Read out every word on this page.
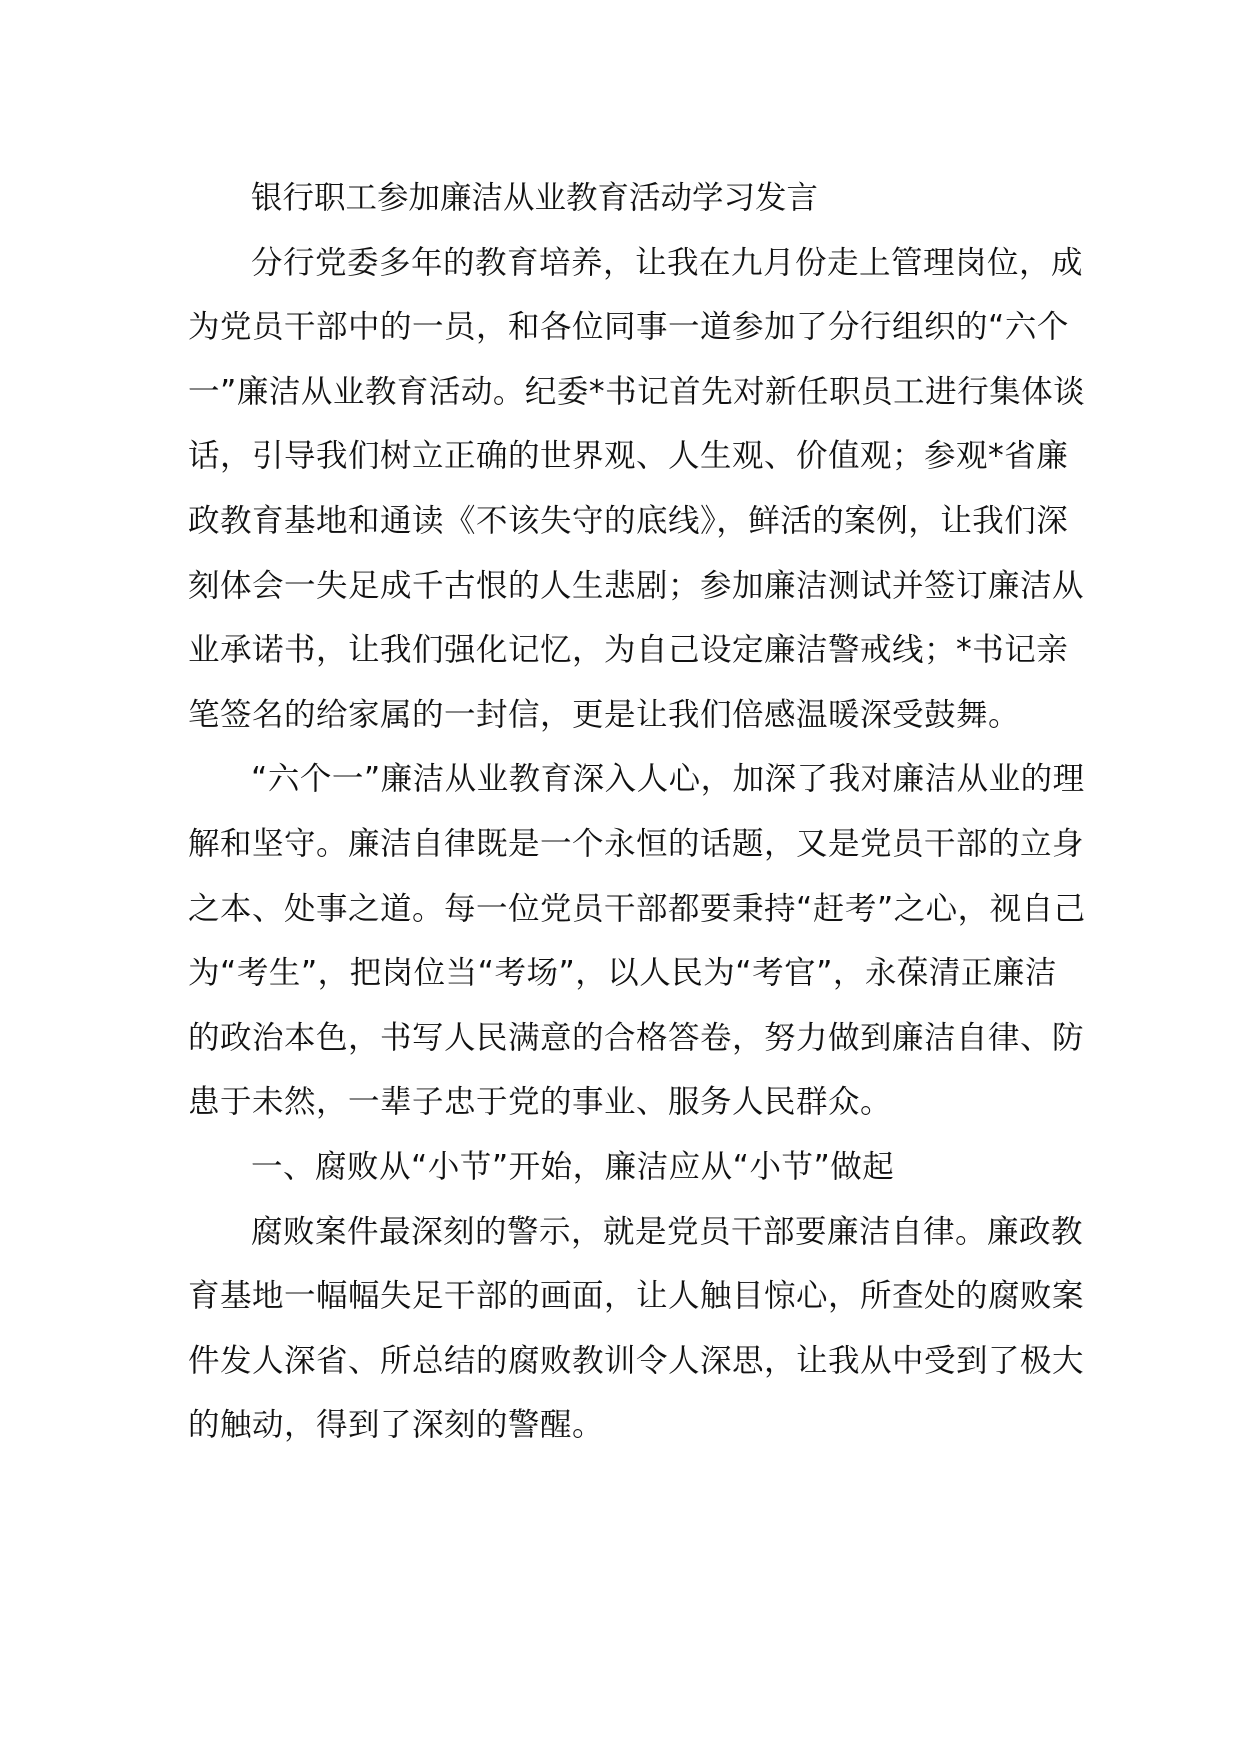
银行职工参加廉洁从业教育活动学习发言

分行党委多年的教育培养，让我在九月份走上管理岗位，成为党员干部中的一员，和各位同事一道参加了分行组织的“六个一”廉洁从业教育活动。纪委*书记首先对新任职员工进行集体谈话，引导我们树立正确的世界观、人生观、价值观；参观*省廉政教育基地和通读《不该失守的底线》，鲜活的案例，让我们深刻体会一失足成千古恨的人生悲剧；参加廉洁测试并签订廉洁从业承诺书，让我们强化记忆，为自己设定廉洁警戒线；*书记亲笔签名的给家属的一封信，更是让我们倍感温暖深受鼓舞。

“六个一”廉洁从业教育深入人心，加深了我对廉洁从业的理解和坚守。廉洁自律既是一个永恒的话题，又是党员干部的立身之本、处事之道。每一位党员干部都要秉持“赶考”之心，视自己为“考生”，把岗位当“考场”，以人民为“考官”，永葆清正廉洁的政治本色，书写人民满意的合格答卷，努力做到廉洁自律、防患于未然，一辈子忠于党的事业、服务人民群众。

一、腐败从“小节”开始，廉洁应从“小节”做起

腐败案件最深刻的警示，就是党员干部要廉洁自律。廉政教育基地一幅幅失足干部的画面，让人触目惊心，所查处的腐败案件发人深省、所总结的腐败教训令人深思，让我从中受到了极大的触动，得到了深刻的警醒。
